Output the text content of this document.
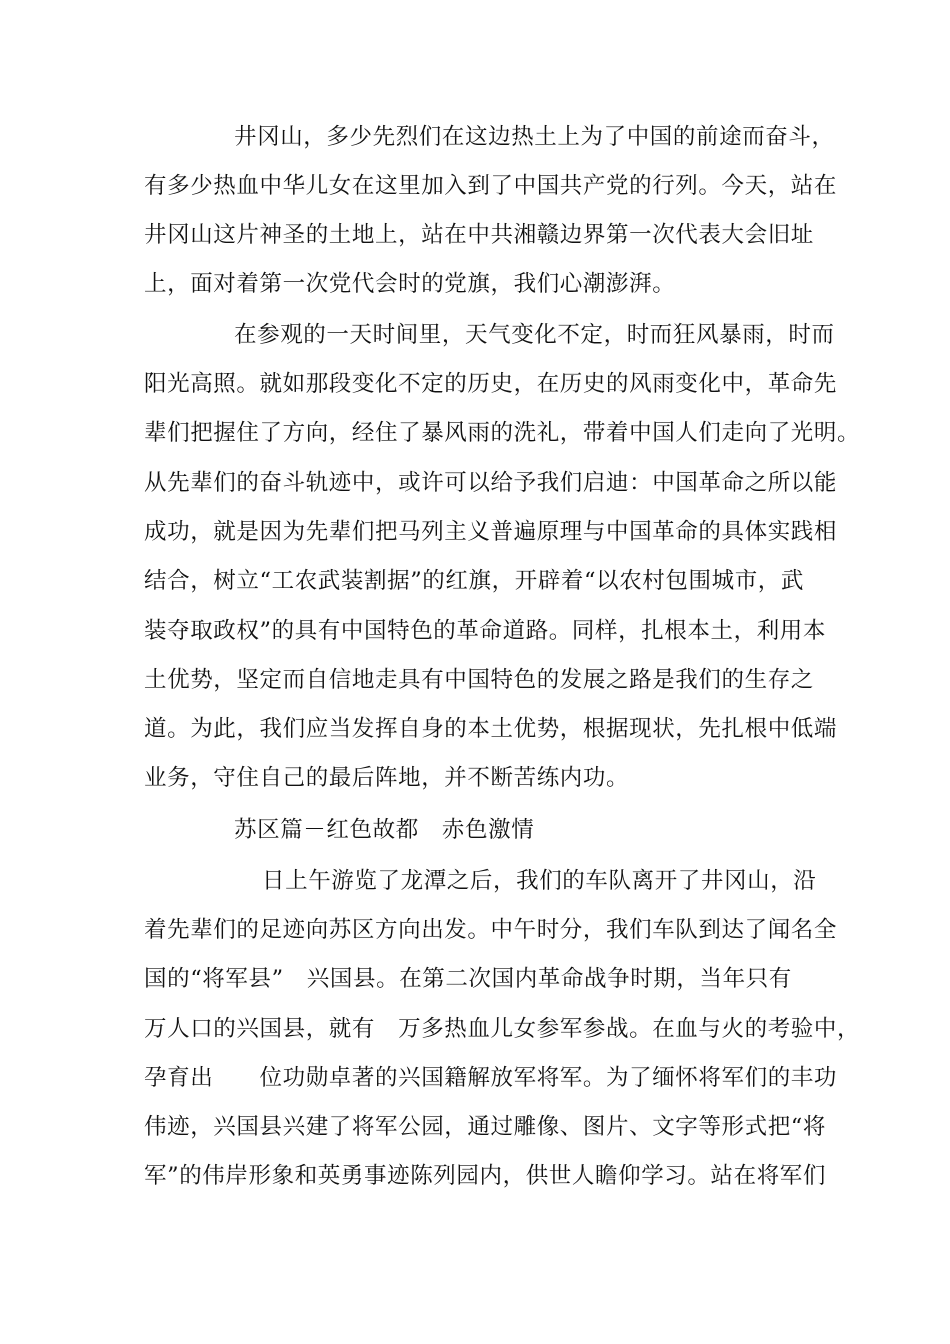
井冈山，多少先烈们在这边热土上为了中国的前途而奋斗，
有多少热血中华儿女在这里加入到了中国共产党的行列。今天，站在
井冈山这片神圣的土地上，站在中共湘赣边界第一次代表大会旧址
上，面对着第一次党代会时的党旗，我们心潮澎湃。
在参观的一天时间里，天气变化不定，时而狂风暴雨，时而
阳光高照。就如那段变化不定的历史，在历史的风雨变化中，革命先
辈们把握住了方向，经住了暴风雨的洗礼，带着中国人们走向了光明。
从先辈们的奋斗轨迹中，或许可以给予我们启迪：中国革命之所以能
成功，就是因为先辈们把马列主义普遍原理与中国革命的具体实践相
结合，树立“工农武装割据”的红旗，开辟着“以农村包围城市，武
装夺取政权”的具有中国特色的革命道路。同样，扎根本土，利用本
土优势，坚定而自信地走具有中国特色的发展之路是我们的生存之
道。为此，我们应当发挥自身的本土优势，根据现状，先扎根中低端
业务，守住自己的最后阵地，并不断苦练内功。
苏区篇－红色故都　赤色激情
日上午游览了龙潭之后，我们的车队离开了井冈山，沿
着先辈们的足迹向苏区方向出发。中午时分，我们车队到达了闻名全
国的“将军县”　兴国县。在第二次国内革命战争时期，当年只有
万人口的兴国县，就有　万多热血儿女参军参战。在血与火的考验中，
孕育出　　位功勋卓著的兴国籍解放军将军。为了缅怀将军们的丰功
伟迹，兴国县兴建了将军公园，通过雕像、图片、文字等形式把“将
军”的伟岸形象和英勇事迹陈列园内，供世人瞻仰学习。站在将军们
